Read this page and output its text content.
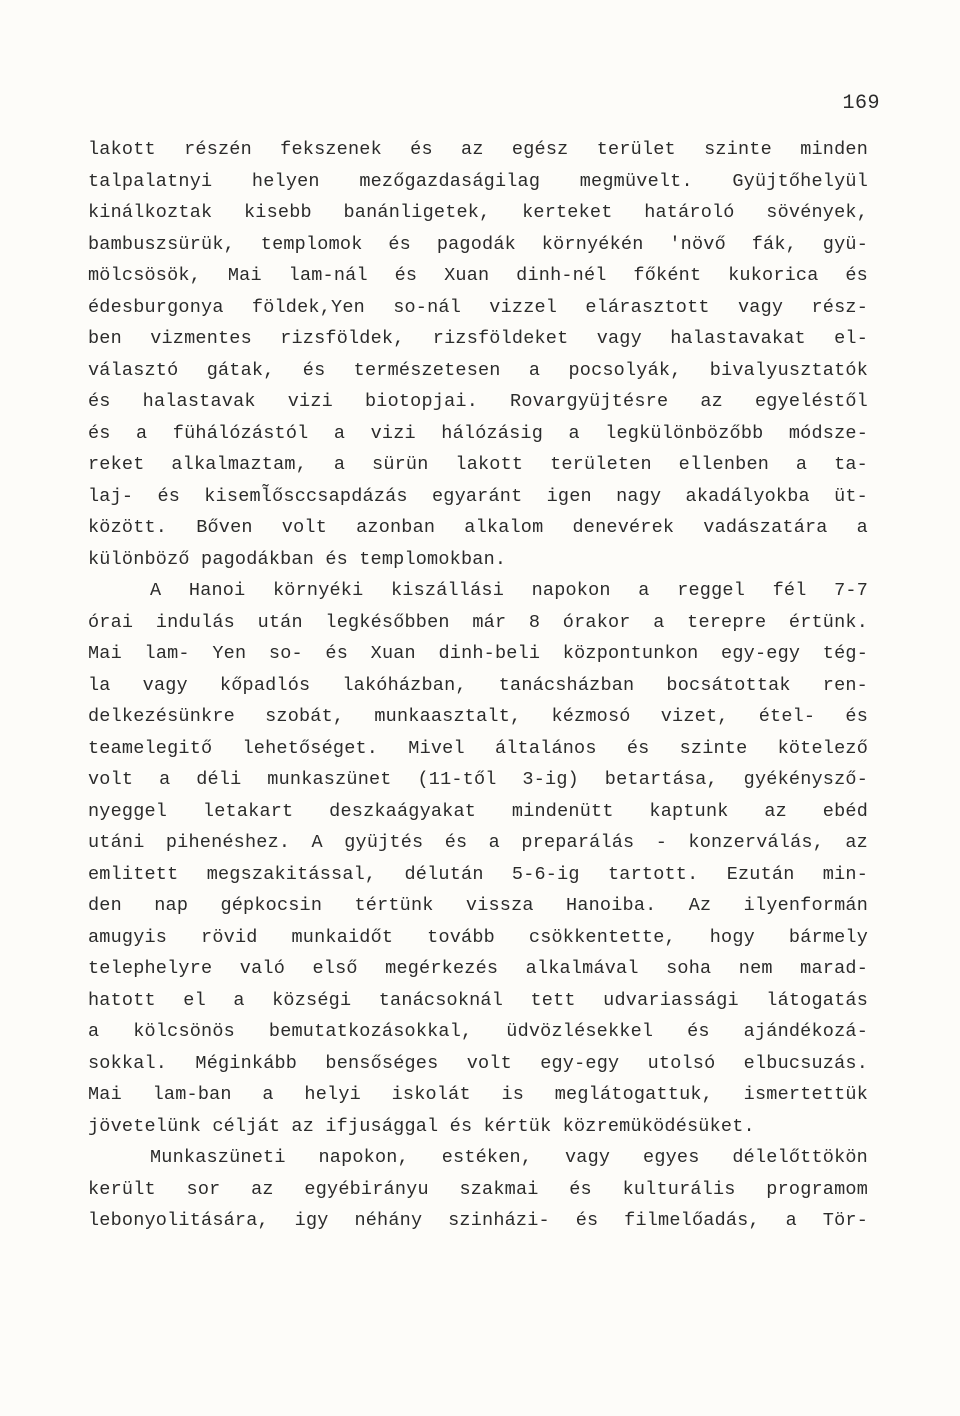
169
lakott részén fekszenek és az egész terület szinte minden
talpalatnyi helyen mezőgazdaságilag megmüvelt. Gyüjtőhelyül
kinálkoztak kisebb banánligetek, kerteket határoló sövények,
bambuszsürük, templomok és pagodák környékén 'növő fák, gyü-
mölcsösök, Mai lam-nál és Xuan dinh-nél főként kukorica és
édesburgonya földek,Yen so-nál vizzel elárasztott vagy rész-
ben vizmentes rizsföldek, rizsföldeket vagy halastavakat el-
választó gátak, és természetesen a pocsolyák, bivalyusztatók
és halastavak vizi biotopjai. Rovargyüjtésre az egyeléstől
és a fühálózástól a vizi hálózásig a legkülönbözőbb módsze-
reket alkalmaztam, a sürün lakott területen ellenben a ta-
laj- és kiseml̃ősccsapdázás egyaránt igen nagy akadályokba üt-
között. Bőven volt azonban alkalom denevérek vadászatára a
különböző pagodákban és templomokban.
A Hanoi környéki kiszállási napokon a reggel fél 7-7
órai indulás után legkésőbben már 8 órakor a terepre értünk.
Mai lam- Yen so- és Xuan dinh-beli központunkon egy-egy tég-
la vagy kőpadlós lakóházban, tanácsházban bocsátottak ren-
delkezésünkre szobát, munkaasztalt, kézmosó vizet, étel- és
teamelegitő lehetőséget. Mivel általános és szinte kötelező
volt a déli munkaszünet (11-től 3-ig) betartása, gyékénysző-
nyeggel letakart deszkaágyakat mindenütt kaptunk az ebéd
utáni pihenéshez. A gyüjtés és a preparálás - konzerválás, az
emlitett megszakitással, délután 5-6-ig tartott. Ezután min-
den nap gépkocsin tértünk vissza Hanoiba. Az ilyenformán
amugyis rövid munkaidőt tovább csökkentette, hogy bármely
telephelyre való első megérkezés alkalmával soha nem marad-
hatott el a községi tanácsoknál tett udvariassági látogatás
a kölcsönös bemutatkozásokkal, üdvözlésekkel és ajándékozá-
sokkal. Méginkább bensőséges volt egy-egy utolsó elbucsuzás.
Mai lam-ban a helyi iskolát is meglátogattuk, ismertettük
jövetelünk célját az ifjusággal és kértük közremüködésüket.
Munkaszüneti napokon, estéken, vagy egyes délelőttökön
került sor az egyébirányu szakmai és kulturális programom
lebonyolitására, igy néhány szinházi- és filmelőadás, a Tör-
